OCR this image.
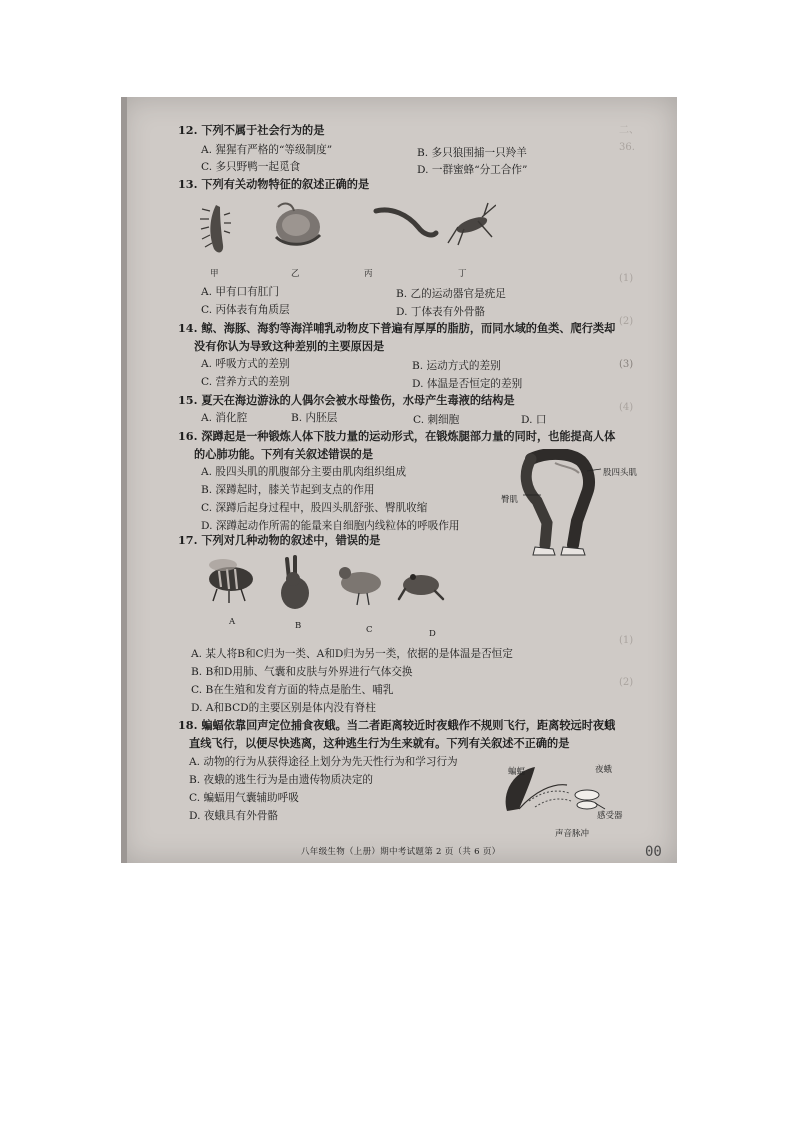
二、
36.
(1)
(2)
(3)
(4)
(1)
(2)
12. 下列不属于社会行为的是
A. 猩猩有严格的“等级制度”	B. 多只狼围捕一只羚羊
C. 多只野鸭一起觅食	D. 一群蜜蜂“分工合作”
13. 下列有关动物特征的叙述正确的是
甲	乙	丙	丁
A. 甲有口有肛门	B. 乙的运动器官是疣足
C. 丙体表有角质层	D. 丁体表有外骨骼
14. 鲸、海豚、海豹等海洋哺乳动物皮下普遍有厚厚的脂肪，而同水域的鱼类、爬行类却
没有你认为导致这种差别的主要原因是
A. 呼吸方式的差别	B. 运动方式的差别
C. 营养方式的差别	D. 体温是否恒定的差别
15. 夏天在海边游泳的人偶尔会被水母蛰伤，水母产生毒液的结构是
A. 消化腔	B. 内胚层	C. 刺细胞	D. 口
16. 深蹲起是一种锻炼人体下肢力量的运动形式，在锻炼腿部力量的同时，也能提高人体
的心肺功能。下列有关叙述错误的是
A. 股四头肌的肌腹部分主要由肌肉组织组成
B. 深蹲起时，膝关节起到支点的作用
C. 深蹲后起身过程中，股四头肌舒张、臀肌收缩
D. 深蹲起动作所需的能量来自细胞内线粒体的呼吸作用
股四头肌
臀肌
17. 下列对几种动物的叙述中，错误的是
A	B	C	D
A. 某人将B和C归为一类、A和D归为另一类，依据的是体温是否恒定
B. B和D用肺、气囊和皮肤与外界进行气体交换
C. B在生殖和发育方面的特点是胎生、哺乳
D. A和BCD的主要区别是体内没有脊柱
18. 蝙蝠依靠回声定位捕食夜蛾。当二者距离较近时夜蛾作不规则飞行，距离较远时夜蛾
直线飞行，以便尽快逃离，这种逃生行为生来就有。下列有关叙述不正确的是
A. 动物的行为从获得途径上划分为先天性行为和学习行为
B. 夜蛾的逃生行为是由遗传物质决定的
C. 蝙蝠用气囊辅助呼吸
D. 夜蛾具有外骨骼
蝙蝠	夜蛾
感受器
声音脉冲
八年级生物（上册）期中考试题第 2 页（共 6 页）	00
